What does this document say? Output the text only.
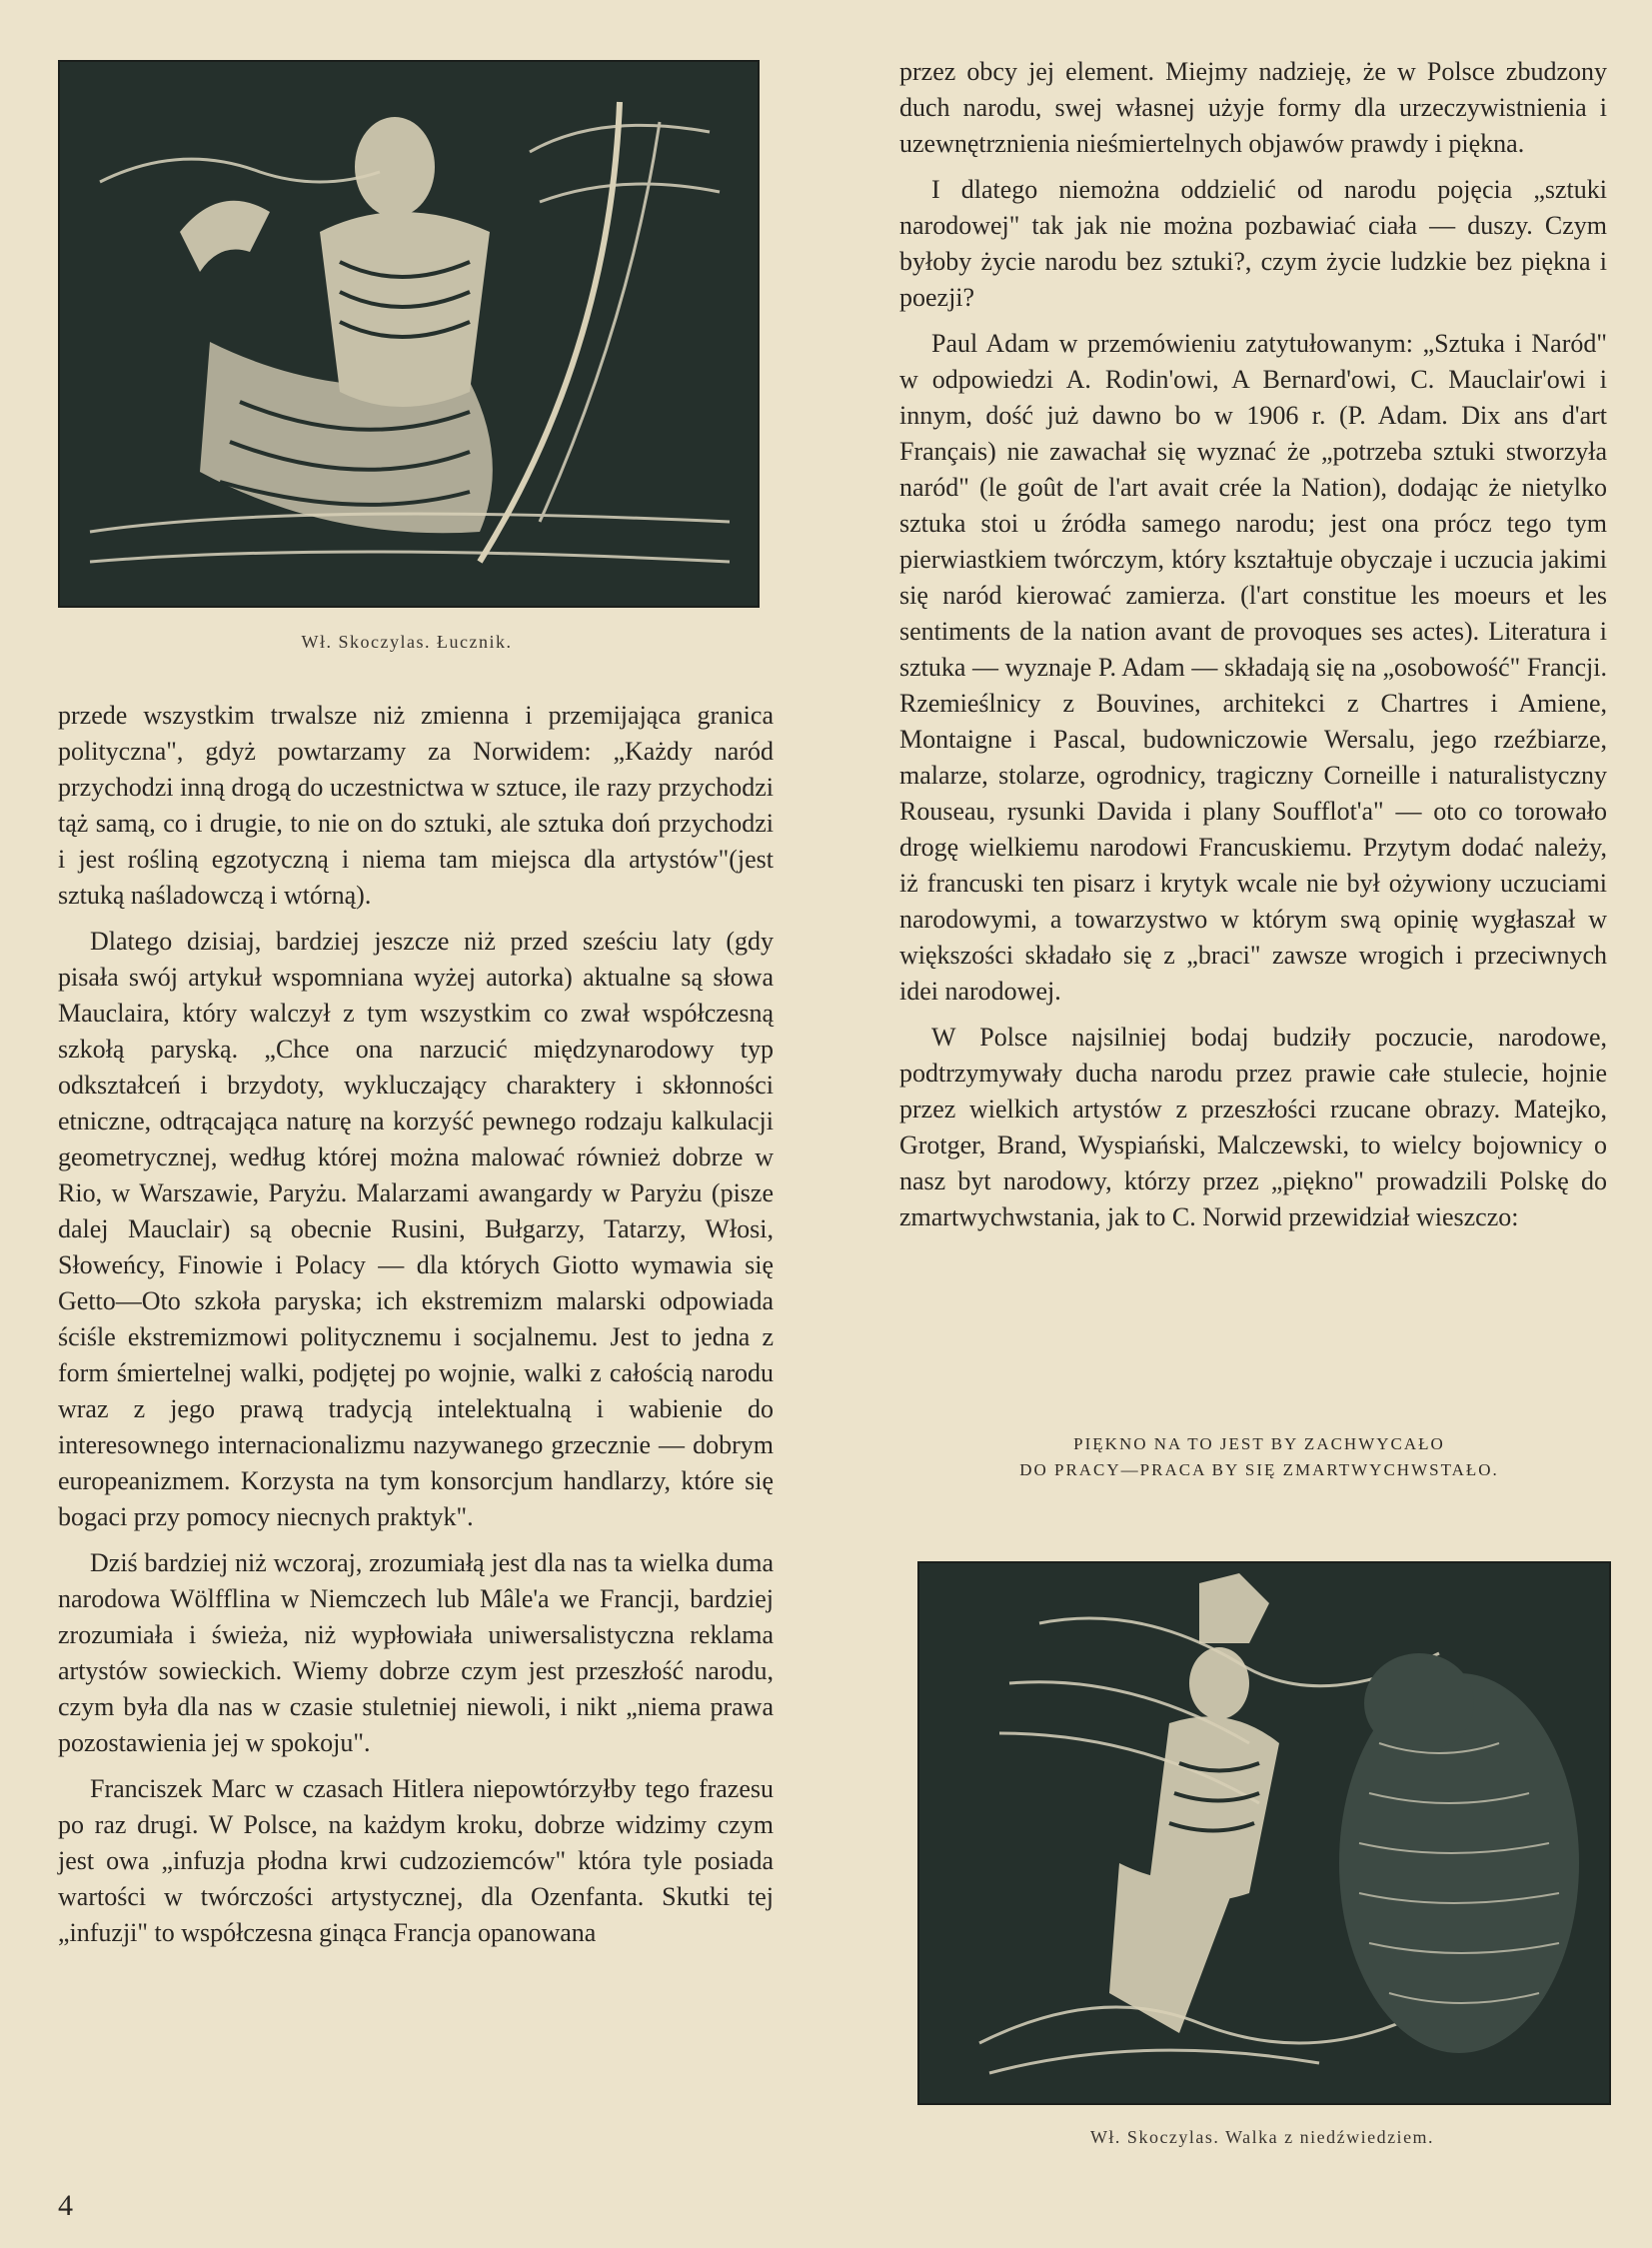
Wł. Skoczylas. Łucznik.

przede wszystkim trwalsze niż zmienna i przemijająca granica polityczna", gdyż powtarzamy za Norwidem: „Każdy naród przychodzi inną drogą do uczestnictwa w sztuce, ile razy przychodzi tąż samą, co i drugie, to nie on do sztuki, ale sztuka doń przychodzi i jest rośliną egzotyczną i niema tam miejsca dla artystów"(jest sztuką naśladowczą i wtórną).

Dlatego dzisiaj, bardziej jeszcze niż przed sześciu laty (gdy pisała swój artykuł wspomniana wyżej autorka) aktualne są słowa Mauclaira, który walczył z tym wszystkim co zwał współczesną szkołą paryską. „Chce ona narzucić międzynarodowy typ odkształceń i brzydoty, wykluczający charaktery i skłonności etniczne, odtrącająca naturę na korzyść pewnego rodzaju kalkulacji geometrycznej, według której można malować również dobrze w Rio, w Warszawie, Paryżu. Malarzami awangardy w Paryżu (pisze dalej Mauclair) są obecnie Rusini, Bułgarzy, Tatarzy, Włosi, Słoweńcy, Finowie i Polacy — dla których Giotto wymawia się Getto—Oto szkoła paryska; ich ekstremizm malarski odpowiada ściśle ekstremizmowi politycznemu i socjalnemu. Jest to jedna z form śmiertelnej walki, podjętej po wojnie, walki z całością narodu wraz z jego prawą tradycją intelektualną i wabienie do interesownego internacionalizmu nazywanego grzecznie — dobrym europeanizmem. Korzysta na tym konsorcjum handlarzy, które się bogaci przy pomocy niecnych praktyk".

Dziś bardziej niż wczoraj, zrozumiałą jest dla nas ta wielka duma narodowa Wölfflina w Niemczech lub Mâle'a we Francji, bardziej zrozumiała i świeża, niż wypłowiała uniwersalistyczna reklama artystów sowieckich. Wiemy dobrze czym jest przeszłość narodu, czym była dla nas w czasie stuletniej niewoli, i nikt „niema prawa pozostawienia jej w spokoju".

Franciszek Marc w czasach Hitlera niepowtórzyłby tego frazesu po raz drugi. W Polsce, na każdym kroku, dobrze widzimy czym jest owa „infuzja płodna krwi cudzoziemców" która tyle posiada wartości w twórczości artystycznej, dla Ozenfanta. Skutki tej „infuzji" to współczesna ginąca Francja opanowana

przez obcy jej element. Miejmy nadzieję, że w Polsce zbudzony duch narodu, swej własnej użyje formy dla urzeczywistnienia i uzewnętrznienia nieśmiertelnych objawów prawdy i piękna.

I dlatego niemożna oddzielić od narodu pojęcia „sztuki narodowej" tak jak nie można pozbawiać ciała — duszy. Czym byłoby życie narodu bez sztuki?, czym życie ludzkie bez piękna i poezji?

Paul Adam w przemówieniu zatytułowanym: „Sztuka i Naród" w odpowiedzi A. Rodin'owi, A Bernard'owi, C. Mauclair'owi i innym, dość już dawno bo w 1906 r. (P. Adam. Dix ans d'art Français) nie zawachał się wyznać że „potrzeba sztuki stworzyła naród" (le goût de l'art avait crée la Nation), dodając że nietylko sztuka stoi u źródła samego narodu; jest ona prócz tego tym pierwiastkiem twórczym, który kształtuje obyczaje i uczucia jakimi się naród kierować zamierza. (l'art constitue les moeurs et les sentiments de la nation avant de provoques ses actes). Literatura i sztuka — wyznaje P. Adam — składają się na „osobowość" Francji. Rzemieślnicy z Bouvines, architekci z Chartres i Amiene, Montaigne i Pascal, budowniczowie Wersalu, jego rzeźbiarze, malarze, stolarze, ogrodnicy, tragiczny Corneille i naturalistyczny Rouseau, rysunki Davida i plany Soufflot'a" — oto co torowało drogę wielkiemu narodowi Francuskiemu. Przytym dodać należy, iż francuski ten pisarz i krytyk wcale nie był ożywiony uczuciami narodowymi, a towarzystwo w którym swą opinię wygłaszał w większości składało się z „braci" zawsze wrogich i przeciwnych idei narodowej.

W Polsce najsilniej bodaj budziły poczucie, narodowe, podtrzymywały ducha narodu przez prawie całe stulecie, hojnie przez wielkich artystów z przeszłości rzucane obrazy. Matejko, Grotger, Brand, Wyspiański, Malczewski, to wielcy bojownicy o nasz byt narodowy, którzy przez „piękno" prowadzili Polskę do zmartwychwstania, jak to C. Norwid przewidział wieszczo:

PIĘKNO NA TO JEST BY ZACHWYCAŁO
DO PRACY—PRACA BY SIĘ ZMARTWYCHWSTAŁO.
Wł. Skoczylas. Walka z niedźwiedziem.
4
